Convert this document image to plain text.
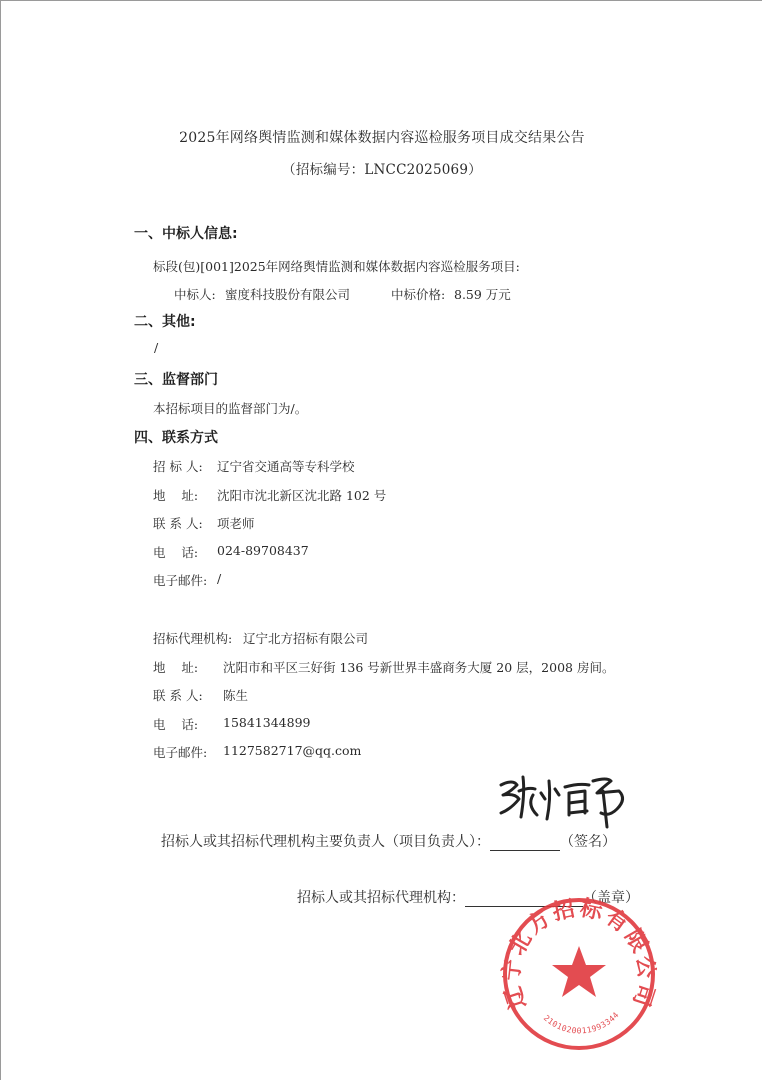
2025年网络舆情监测和媒体数据内容巡检服务项目成交结果公告
（招标编号：LNCC2025069）
一、中标人信息:
标段(包)[001]2025年网络舆情监测和媒体数据内容巡检服务项目:
中标人: 蜜度科技股份有限公司	中标价格: 8.59 万元
二、其他:
/
三、监督部门
本招标项目的监督部门为/。
四、联系方式
招 标 人: 辽宁省交通高等专科学校
地    址: 沈阳市沈北新区沈北路 102 号
联 系 人: 项老师
电    话: 024-89708437
电子邮件: /
招标代理机构: 辽宁北方招标有限公司
地    址: 沈阳市和平区三好街 136 号新世界丰盛商务大厦 20 层，2008 房间。
联 系 人: 陈生
电    话: 15841344899
电子邮件: 1127582717@qq.com
招标人或其招标代理机构主要负责人（项目负责人）：	（签名）
招标人或其招标代理机构：	（盖章）
辽宁北方招标有限公司
2101020011993344
